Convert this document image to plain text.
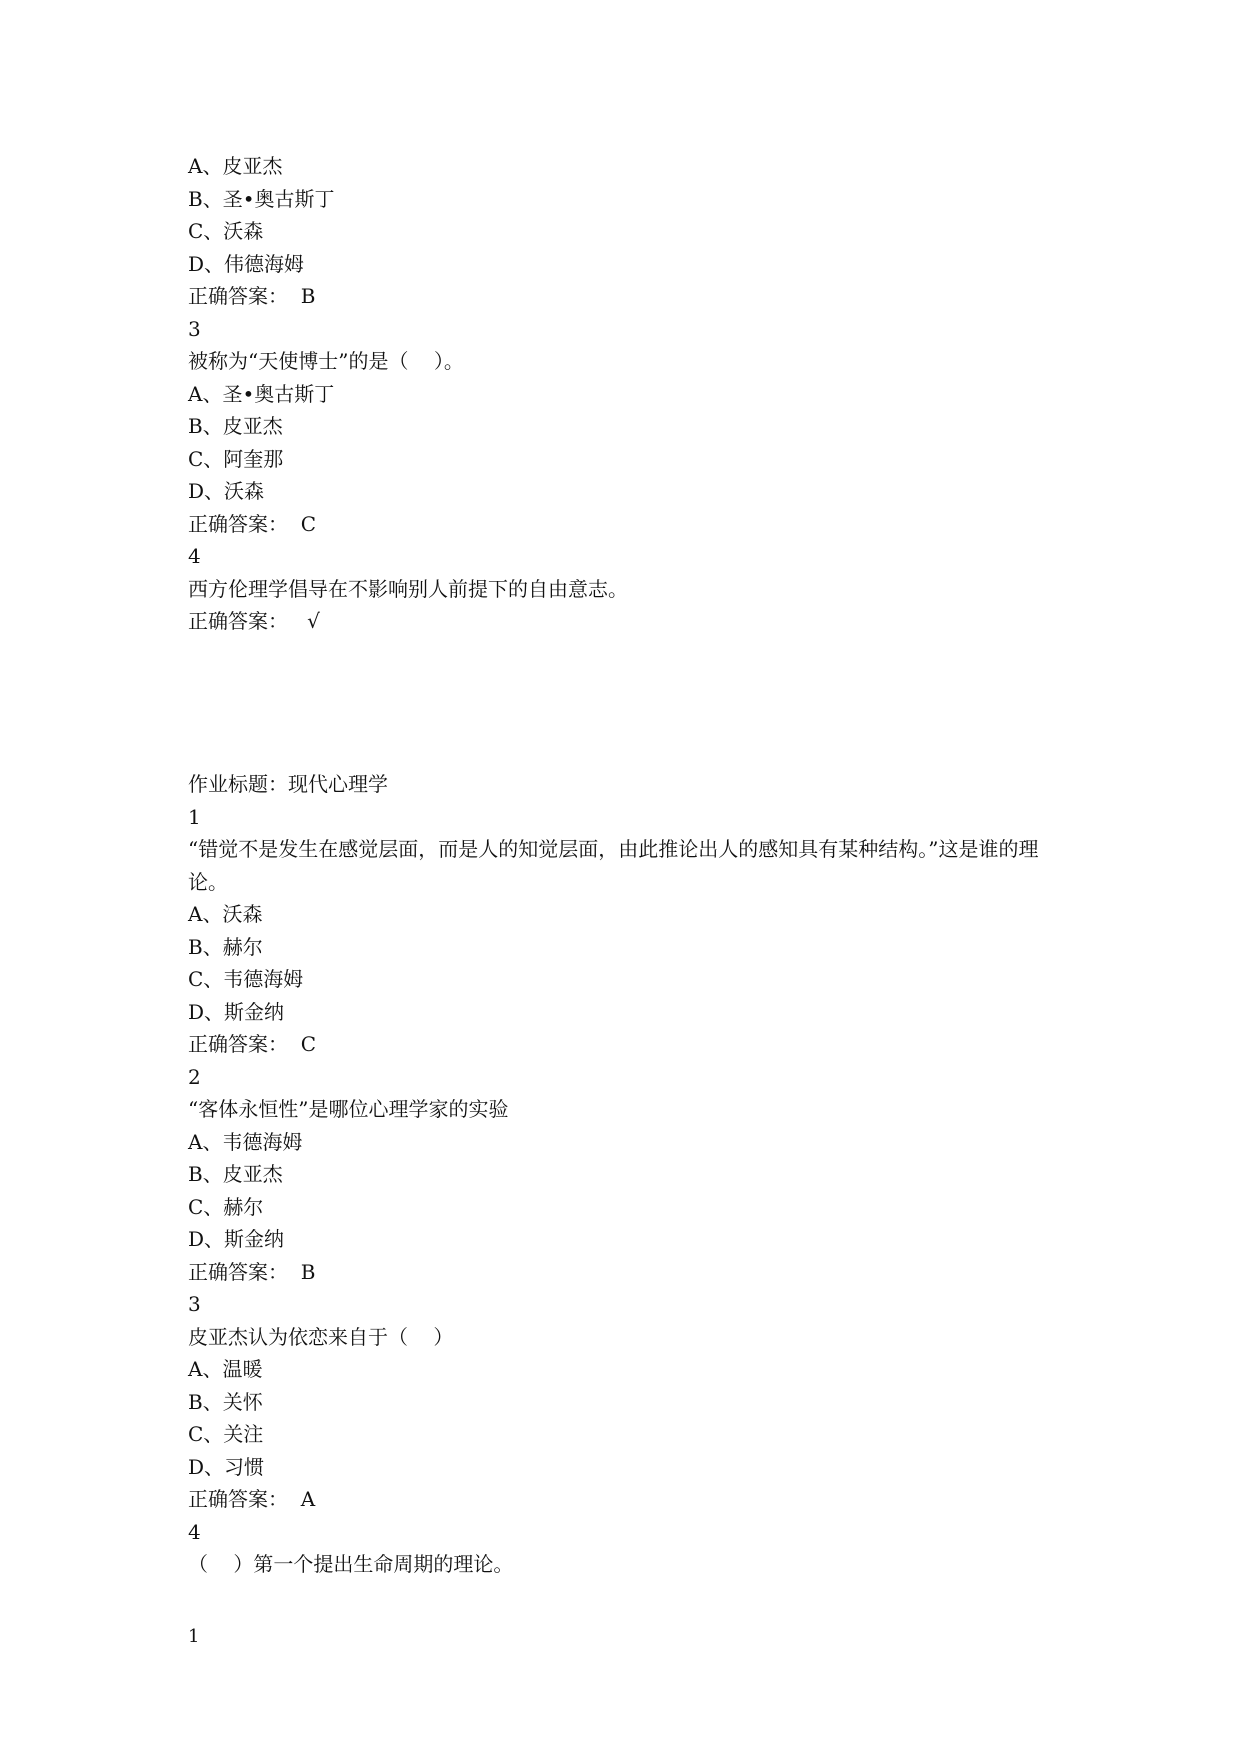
A、皮亚杰
B、圣•奥古斯丁
C、沃森
D、伟德海姆
正确答案： B
3
被称为“天使博士”的是（    ）。
A、圣•奥古斯丁
B、皮亚杰
C、阿奎那
D、沃森
正确答案： C
4
西方伦理学倡导在不影响别人前提下的自由意志。
正确答案： √
作业标题：现代心理学
1
“错觉不是发生在感觉层面，而是人的知觉层面，由此推论出人的感知具有某种结构。”这是谁的理论。
A、沃森
B、赫尔
C、韦德海姆
D、斯金纳
正确答案： C
2
“客体永恒性”是哪位心理学家的实验
A、韦德海姆
B、皮亚杰
C、赫尔
D、斯金纳
正确答案： B
3
皮亚杰认为依恋来自于（    ）
A、温暖
B、关怀
C、关注
D、习惯
正确答案： A
4
（    ）第一个提出生命周期的理论。
1
